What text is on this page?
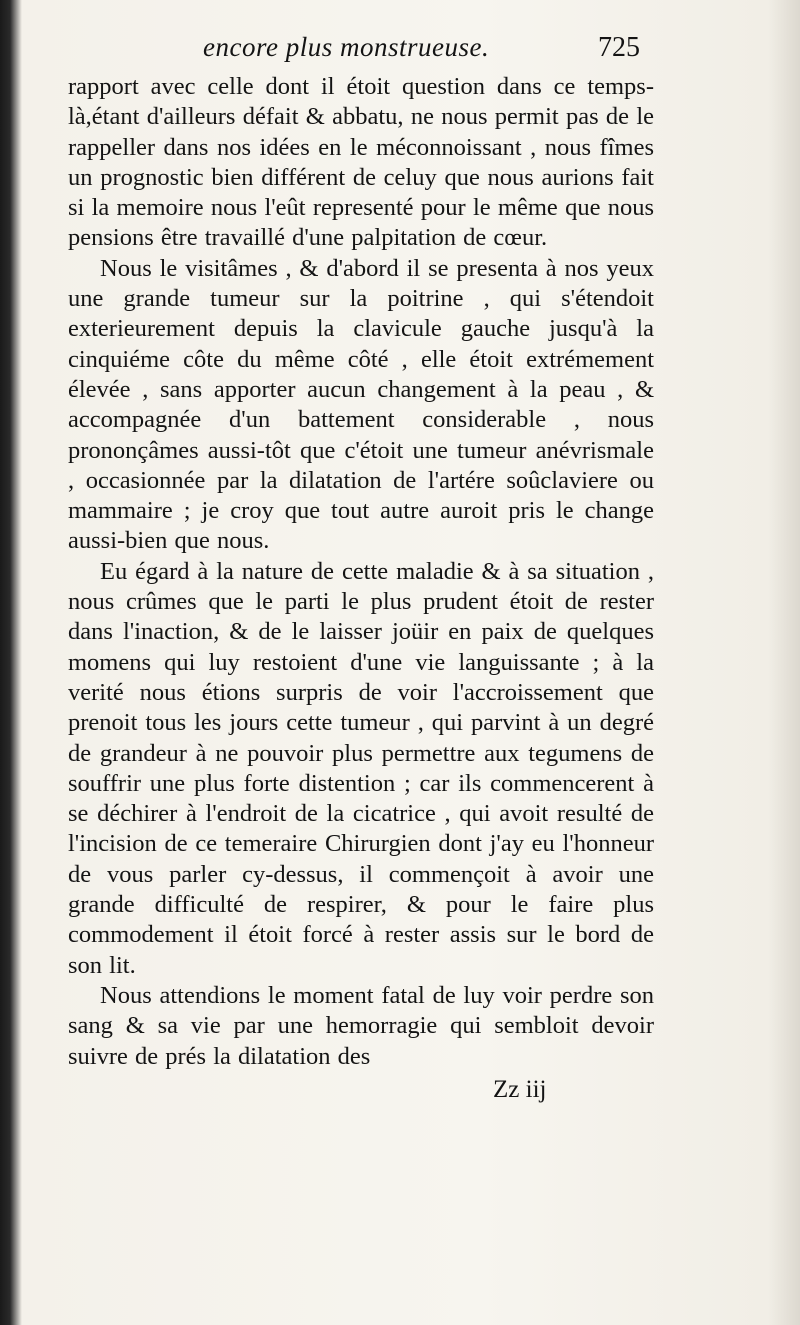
encore plus monstrueuse.	725

rapport avec celle dont il étoit question dans ce temps-là,étant d'ailleurs défait & abbatu, ne nous permit pas de le rappeller dans nos idées en le méconnoissant , nous fîmes un prognostic bien différent de celuy que nous aurions fait si la memoire nous l'eût representé pour le même que nous pensions être travaillé d'une palpitation de cœur.

Nous le visitâmes , & d'abord il se presenta à nos yeux une grande tumeur sur la poitrine , qui s'étendoit exterieurement depuis la clavicule gauche jusqu'à la cinquiéme côte du même côté , elle étoit extrémement élevée , sans apporter aucun changement à la peau , & accompagnée d'un battement considerable , nous prononçâmes aussi-tôt que c'étoit une tumeur anévrismale , occasionnée par la dilatation de l'artére soûclaviere ou mammaire ; je croy que tout autre auroit pris le change aussi-bien que nous.

Eu égard à la nature de cette maladie & à sa situation , nous crûmes que le parti le plus prudent étoit de rester dans l'inaction, & de le laisser joüir en paix de quelques momens qui luy restoient d'une vie languissante ; à la verité nous étions surpris de voir l'accroissement que prenoit tous les jours cette tumeur , qui parvint à un degré de grandeur à ne pouvoir plus permettre aux tegumens de souffrir une plus forte distention ; car ils commencerent à se déchirer à l'endroit de la cicatrice , qui avoit resulté de l'incision de ce temeraire Chirurgien dont j'ay eu l'honneur de vous parler cy-dessus, il commençoit à avoir une grande difficulté de respirer, & pour le faire plus commodement il étoit forcé à rester assis sur le bord de son lit.

Nous attendions le moment fatal de luy voir perdre son sang & sa vie par une hemorragie qui sembloit devoir suivre de prés la dilatation des

Zz iij
